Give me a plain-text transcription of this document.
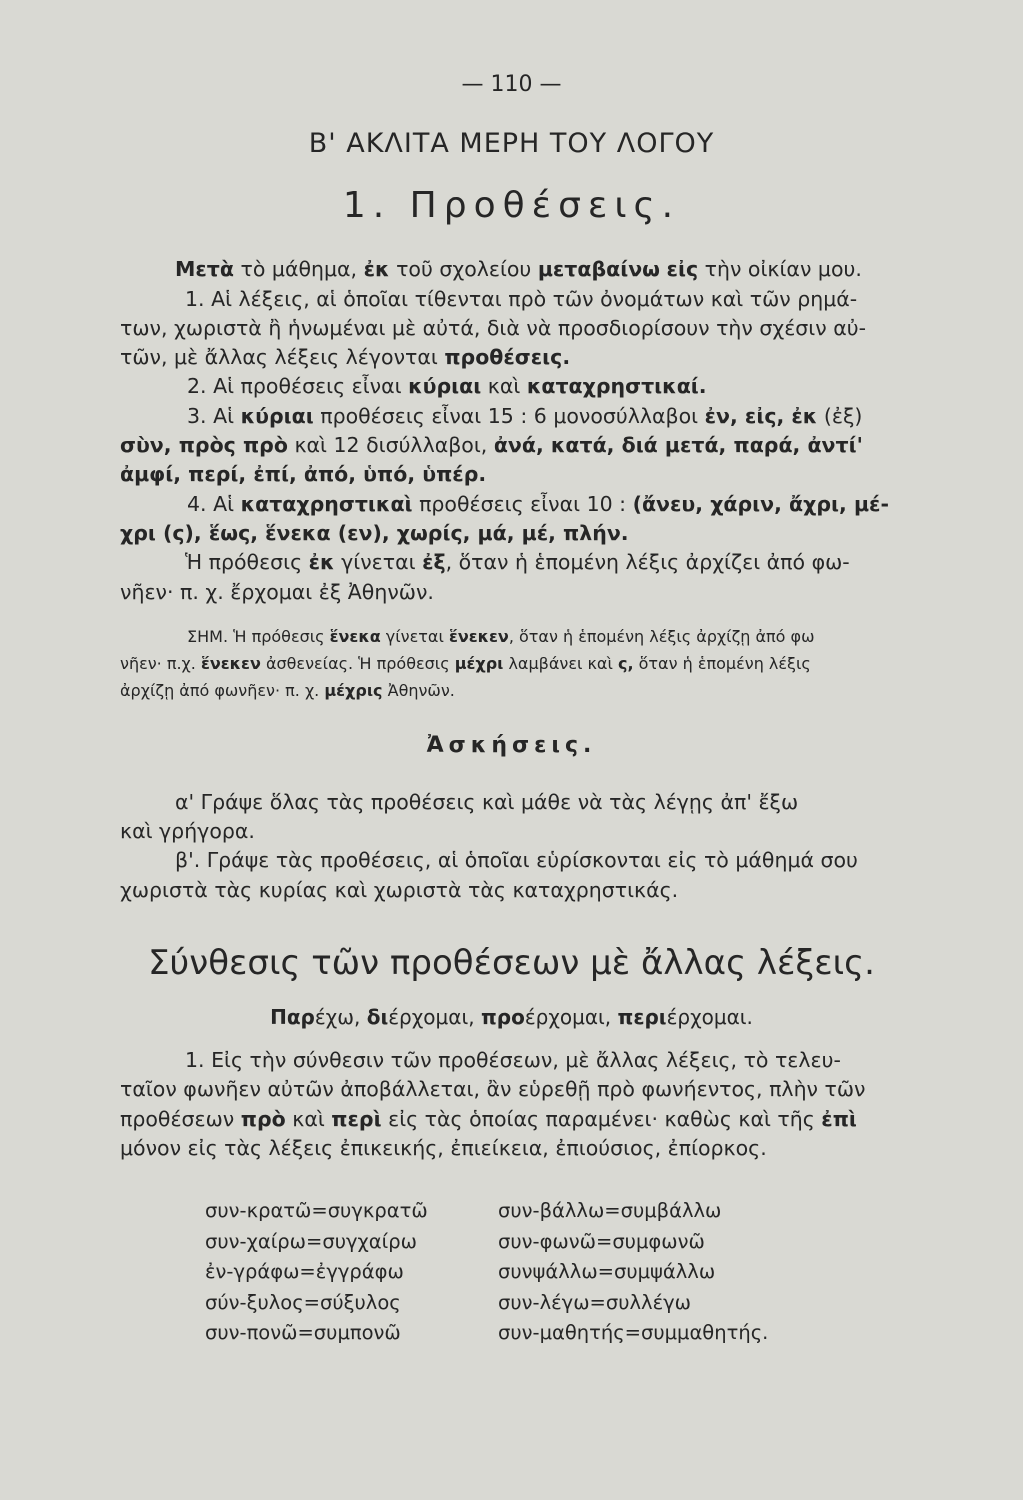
— 110 —
Β' ΑΚΛΙΤΑ ΜΕΡΗ ΤΟΥ ΛΟΓΟΥ
1. Προθέσεις.
Μετὰ τὸ μάθημα, ἐκ τοῦ σχολείου μεταβαίνω εἰς τὴν οἰκίαν μου.
1. Αἱ λέξεις, αἱ ὁποῖαι τίθενται πρὸ τῶν ὀνομάτων καὶ τῶν ρημά-
των, χωριστὰ ἢ ἡνωμέναι μὲ αὐτά, διὰ νὰ προσδιορίσουν τὴν σχέσιν αὐ-
τῶν, μὲ ἄλλας λέξεις λέγονται προθέσεις.
2. Αἱ προθέσεις εἶναι κύριαι καὶ καταχρηστικαί.
3. Αἱ κύριαι προθέσεις εἶναι 15 : 6 μονοσύλλαβοι ἐν, εἰς, ἐκ (ἐξ)
σὺν, πρὸς πρὸ καὶ 12 δισύλλαβοι, ἀνά, κατά, διά μετά, παρά, ἀντί'
ἀμφί, περί, ἐπί, ἀπό, ὑπό, ὑπέρ.
4. Αἱ καταχρηστικαὶ προθέσεις εἶναι 10 : (ἄνευ, χάριν, ἄχρι, μέ-
χρι (ς), ἕως, ἕνεκα (εν), χωρίς, μά, μέ, πλήν.
Ἡ πρόθεσις ἐκ γίνεται ἐξ, ὅταν ἡ ἑπομένη λέξις ἀρχίζει ἀπό φω-
νῆεν· π. χ. ἔρχομαι ἐξ Ἀθηνῶν.
ΣΗΜ. Ἡ πρόθεσις ἕνεκα γίνεται ἕνεκεν, ὅταν ἡ ἑπομένη λέξις ἀρχίζῃ ἀπό φω
νῆεν· π.χ. ἕνεκεν ἀσθενείας. Ἡ πρόθεσις μέχρι λαμβάνει καὶ ς, ὅταν ἡ ἑπομένη λέξις
ἀρχίζῃ ἀπό φωνῆεν· π. χ. μέχρις Ἀθηνῶν.
Ἀσκήσεις.
α' Γράψε ὅλας τὰς προθέσεις καὶ μάθε νὰ τὰς λέγῃς ἀπ' ἔξω
καὶ γρήγορα.
β'. Γράψε τὰς προθέσεις, αἱ ὁποῖαι εὑρίσκονται εἰς τὸ μάθημά σου
χωριστὰ τὰς κυρίας καὶ χωριστὰ τὰς καταχρηστικάς.
Σύνθεσις τῶν προθέσεων μὲ ἄλλας λέξεις.
Παρέχω, διέρχομαι, προέρχομαι, περιέρχομαι.
1. Εἰς τὴν σύνθεσιν τῶν προθέσεων, μὲ ἄλλας λέξεις, τὸ τελευ-
ταῖον φωνῆεν αὐτῶν ἀποβάλλεται, ἂν εὑρεθῇ πρὸ φωνήεντος, πλὴν τῶν
προθέσεων πρὸ καὶ περὶ εἰς τὰς ὁποίας παραμένει· καθὼς καὶ τῆς ἐπὶ
μόνον εἰς τὰς λέξεις ἐπικεικής, ἐπιείκεια, ἐπιούσιος, ἐπίορκος.
συν-κρατῶ=συγκρατῶ
συν-χαίρω=συγχαίρω
ἐν-γράφω=ἐγγράφω
σύν-ξυλος=σύξυλος
συν-πονῶ=συμπονῶ
συν-βάλλω=συμβάλλω
συν-φωνῶ=συμφωνῶ
συνψάλλω=συμψάλλω
συν-λέγω=συλλέγω
συν-μαθητής=συμμαθητής.
